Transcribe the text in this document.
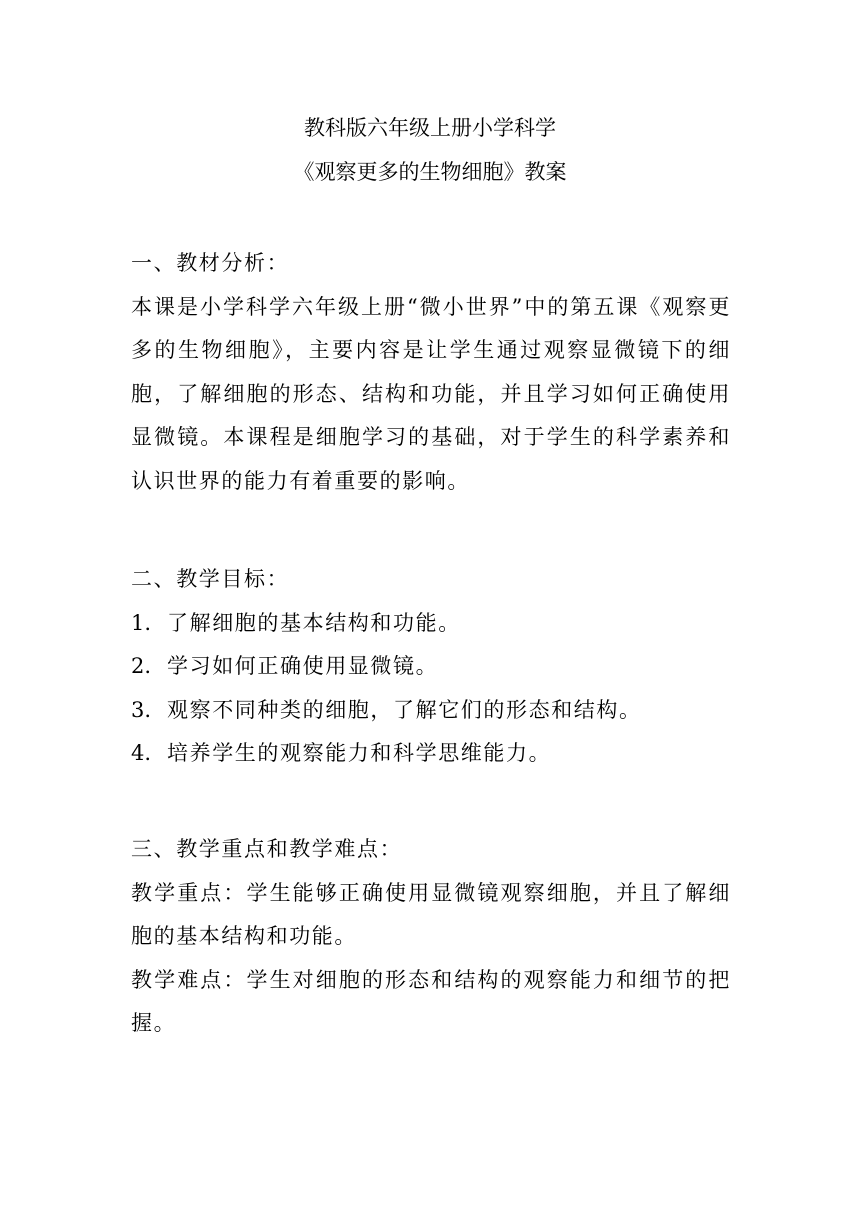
教科版六年级上册小学科学
《观察更多的生物细胞》教案
一、教材分析：
本课是小学科学六年级上册“微小世界”中的第五课《观察更多的生物细胞》，主要内容是让学生通过观察显微镜下的细胞，了解细胞的形态、结构和功能，并且学习如何正确使用显微镜。本课程是细胞学习的基础，对于学生的科学素养和认识世界的能力有着重要的影响。
二、教学目标：
1. 了解细胞的基本结构和功能。
2. 学习如何正确使用显微镜。
3. 观察不同种类的细胞，了解它们的形态和结构。
4. 培养学生的观察能力和科学思维能力。
三、教学重点和教学难点：
教学重点：学生能够正确使用显微镜观察细胞，并且了解细胞的基本结构和功能。
教学难点：学生对细胞的形态和结构的观察能力和细节的把握。
